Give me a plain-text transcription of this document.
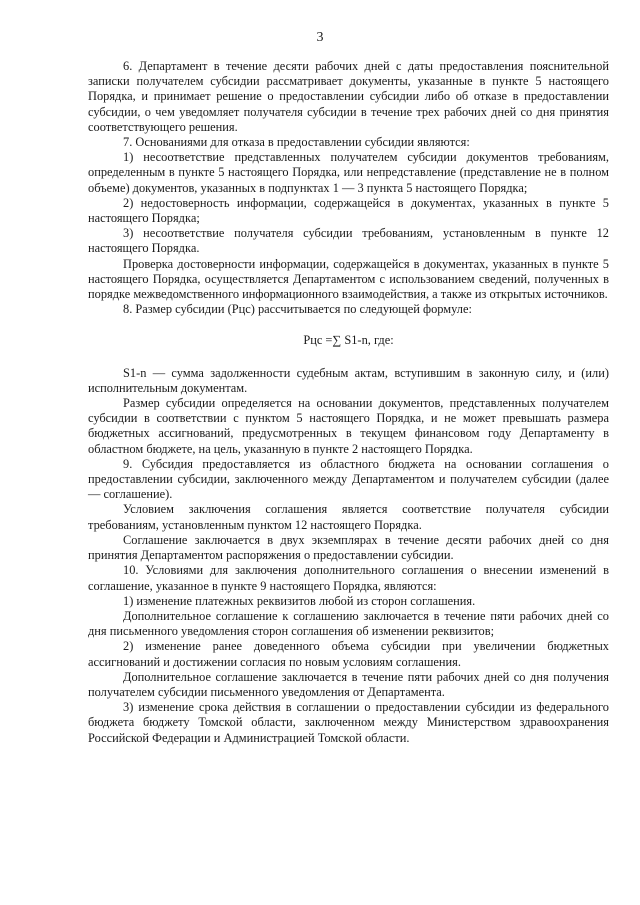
3

6. Департамент в течение десяти рабочих дней с даты предоставления пояснительной записки получателем субсидии рассматривает документы, указанные в пункте 5 настоящего Порядка, и принимает решение о предоставлении субсидии либо об отказе в предоставлении субсидии, о чем уведомляет получателя субсидии в течение трех рабочих дней со дня принятия соответствующего решения.

7. Основаниями для отказа в предоставлении субсидии являются:

1) несоответствие представленных получателем субсидии документов требованиям, определенным в пункте 5 настоящего Порядка, или непредставление (представление не в полном объеме) документов, указанных в подпунктах 1 — 3 пункта 5 настоящего Порядка;

2) недостоверность информации, содержащейся в документах, указанных в пункте 5 настоящего Порядка;

3) несоответствие получателя субсидии требованиям, установленным в пункте 12 настоящего Порядка.

Проверка достоверности информации, содержащейся в документах, указанных в пункте 5 настоящего Порядка, осуществляется Департаментом с использованием сведений, полученных в порядке межведомственного информационного взаимодействия, а также из открытых источников.

8. Размер субсидии (Рцс) рассчитывается по следующей формуле:

Рцс =∑ S1-n, где:

S1-n — сумма задолженности судебным актам, вступившим в законную силу, и (или) исполнительным документам.

Размер субсидии определяется на основании документов, представленных получателем субсидии в соответствии с пунктом 5 настоящего Порядка, и не может превышать размера бюджетных ассигнований, предусмотренных в текущем финансовом году Департаменту в областном бюджете, на цель, указанную в пункте 2 настоящего Порядка.

9. Субсидия предоставляется из областного бюджета на основании соглашения о предоставлении субсидии, заключенного между Департаментом и получателем субсидии (далее — соглашение).

Условием заключения соглашения является соответствие получателя субсидии требованиям, установленным пунктом 12 настоящего Порядка.

Соглашение заключается в двух экземплярах в течение десяти рабочих дней со дня принятия Департаментом распоряжения о предоставлении субсидии.

10. Условиями для заключения дополнительного соглашения о внесении изменений в соглашение, указанное в пункте 9 настоящего Порядка, являются:

1) изменение платежных реквизитов любой из сторон соглашения.

Дополнительное соглашение к соглашению заключается в течение пяти рабочих дней со дня письменного уведомления сторон соглашения об изменении реквизитов;

2) изменение ранее доведенного объема субсидии при увеличении бюджетных ассигнований и достижении согласия по новым условиям соглашения.

Дополнительное соглашение заключается в течение пяти рабочих дней со дня получения получателем субсидии письменного уведомления от Департамента.

3) изменение срока действия в соглашении о предоставлении субсидии из федерального бюджета бюджету Томской области, заключенном между Министерством здравоохранения Российской Федерации и Администрацией Томской области.
